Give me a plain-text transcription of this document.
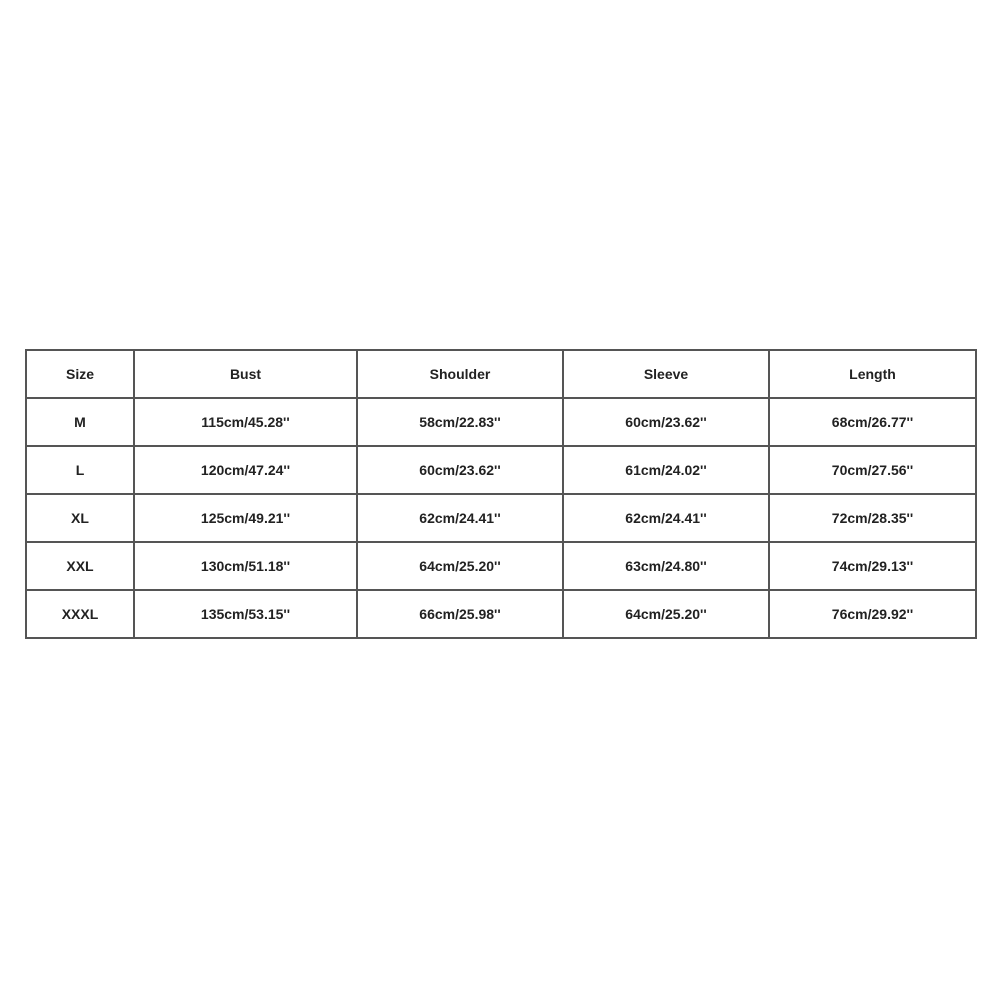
Size	Bust	Shoulder	Sleeve	Length
M	115cm/45.28''	58cm/22.83''	60cm/23.62''	68cm/26.77''
L	120cm/47.24''	60cm/23.62''	61cm/24.02''	70cm/27.56''
XL	125cm/49.21''	62cm/24.41''	62cm/24.41''	72cm/28.35''
XXL	130cm/51.18''	64cm/25.20''	63cm/24.80''	74cm/29.13''
XXXL	135cm/53.15''	66cm/25.98''	64cm/25.20''	76cm/29.92''
